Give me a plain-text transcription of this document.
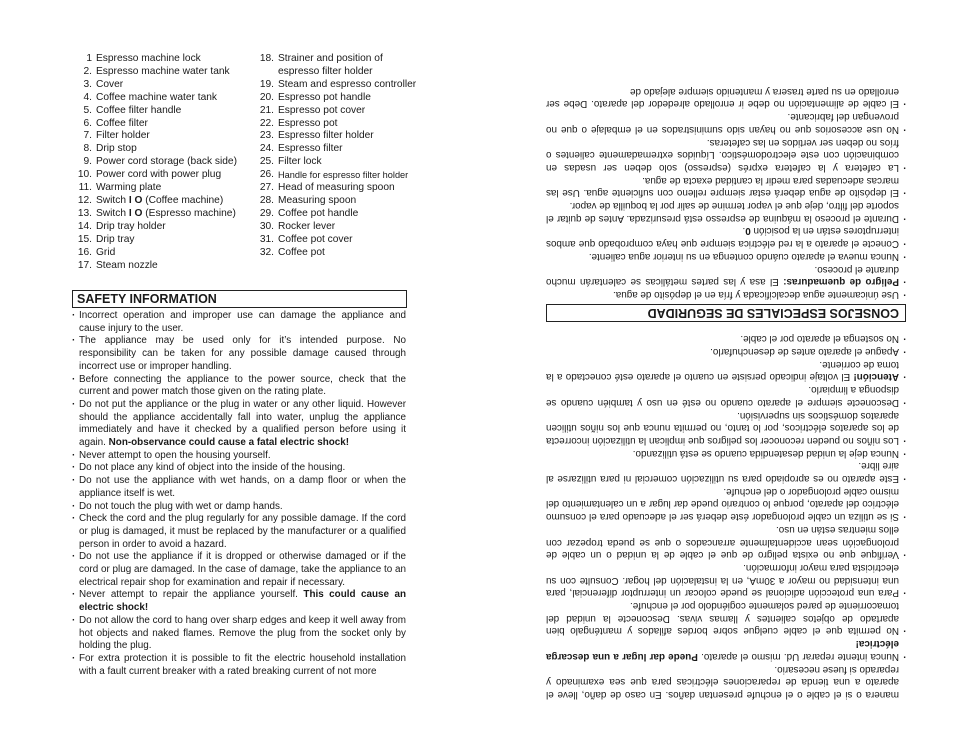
1 Espresso machine lock
2. Espresso machine water tank
3. Cover
4. Coffee machine water tank
5. Coffee filter handle
6. Coffee filter
7. Filter holder
8. Drip stop
9. Power cord storage (back side)
10. Power cord with power plug
11. Warming plate
12. Switch I O (Coffee machine)
13. Switch I O (Espresso machine)
14. Drip tray holder
15. Drip tray
16. Grid
17. Steam nozzle
18. Strainer and position of espresso filter holder
19. Steam and espresso controller
20. Espresso pot handle
21. Espresso pot cover
22. Espresso pot
23. Espresso filter holder
24. Espresso filter
25. Filter lock
26. Handle for espresso filter holder
27. Head of measuring spoon
28. Measuring spoon
29. Coffee pot handle
30. Rocker lever
31. Coffee pot cover
32. Coffee pot
SAFETY INFORMATION
· Incorrect operation and improper use can damage the appliance and cause injury to the user.
· The appliance may be used only for it’s intended purpose. No responsibility can be taken for any possible damage caused through incorrect use or improper handling.
· Before connecting the appliance to the power source, check that the current and power match those given on the rating plate.
· Do not put the appliance or the plug in water or any other liquid. However should the appliance accidentally fall into water, unplug the appliance immediately and have it checked by a qualified person before using it again. Non-observance could cause a fatal electric shock!
· Never attempt to open the housing yourself.
· Do not place any kind of object into the inside of the housing.
· Do not use the appliance with wet hands, on a damp floor or when the appliance itself is wet.
· Do not touch the plug with wet or damp hands.
· Check the cord and the plug regularly for any possible damage. If the cord or plug is damaged, it must be replaced by the manufacturer or a qualified person in order to avoid a hazard.
· Do not use the appliance if it is dropped or otherwise damaged or if the cord or plug are damaged. In the case of damage, take the appliance to an electrical repair shop for examination and repair if necessary.
· Never attempt to repair the appliance yourself. This could cause an electric shock!
· Do not allow the cord to hang over sharp edges and keep it well away from hot objects and naked flames. Remove the plug from the socket only by holding the plug.
· For extra protection it is possible to fit the electric household installation with a fault current breaker with a rated breaking current of not more
manera o si el cable o el enchufe presentan daños. En caso de daño, lleve el aparato a una tienda de reparaciones eléctricas para que sea examinado y reparado si fuese necesario.
· Nunca intente reparar Ud. mismo el aparato. Puede dar lugar a una descarga eléctrica!
· No permita que el cable cuelgue sobre bordes afilados y manténgalo bien apartado de objetos calientes y llamas vivas. Desconecte la unidad del tomacorriente de pared solamente cogiéndolo por el enchufe.
· Para una protección adicional se puede colocar un interruptor diferencial, para una intensidad no mayor a 30mA, en la instalación del hogar. Consulte con su electricista para mayor información.
· Verifique que no exista peligro de que el cable de la unidad o un cable de prolongación sean accidentalmente arrancados o que se pueda tropezar con ellos mientras están en uso.
· Si se utiliza un cable prolongador éste deberá ser el adecuado para el consumo eléctrico del aparato, porque lo contrario puede dar lugar a un calentamiento del mismo cable prolongador o del enchufe.
· Este aparato no es apropiado para su utilización comercial ni para utilizarse al aire libre.
· Nunca deje la unidad desatendida cuando se está utilizando.
· Los niños no pueden reconocer los peligros que implican la utilización incorrecta de los aparatos eléctricos, por lo tanto, no permita nunca que los niños utilicen aparatos domésticos sin supervisión.
· Desconecte siempre el aparato cuando no esté en uso y también cuando se disponga a limpiarlo.
· Atención! El voltaje indicado persiste en cuanto el aparato esté conectado a la toma de corriente.
· Apague el aparato antes de desenchufarlo.
· No sostenga el aparato por el cable.
CONSEJOS ESPECIALES DE SEGURIDAD
· Use únicamente agua decalcificada y fría en el depósito de agua.
· Peligro de quemaduras: El asa y las partes metálicas se calentarán mucho durante el proceso.
· Nunca mueva el aparato cuándo contenga en su interior agua caliente.
· Conecte el aparato a la red eléctrica siempre que haya comprobado que ambos interruptores están en la posición 0.
· Durante el proceso la máquina de espresso está presurizada. Antes de quitar el soporte del filtro, deje que el vapor termine de salir por la boquilla de vapor.
· El depósito de agua deberá estar siempre relleno con suficiente agua. Use las marcas adecuadas para medir la cantidad exacta de agua.
· La cafetera y la cafetera exprés (espresso) solo deben ser usadas en combinación con este electrodoméstico. Líquidos extremadamente calientes o fríos no deben ser vertidos en las cafeteras.
· No use accesorios que no hayan sido suministrados en el embalaje o que no provengan del fabricante.
· El cable de alimentación no debe ir enrollado alrededor del aparato. Debe ser enrollado en su parte trasera y mantenido siempre alejado de
